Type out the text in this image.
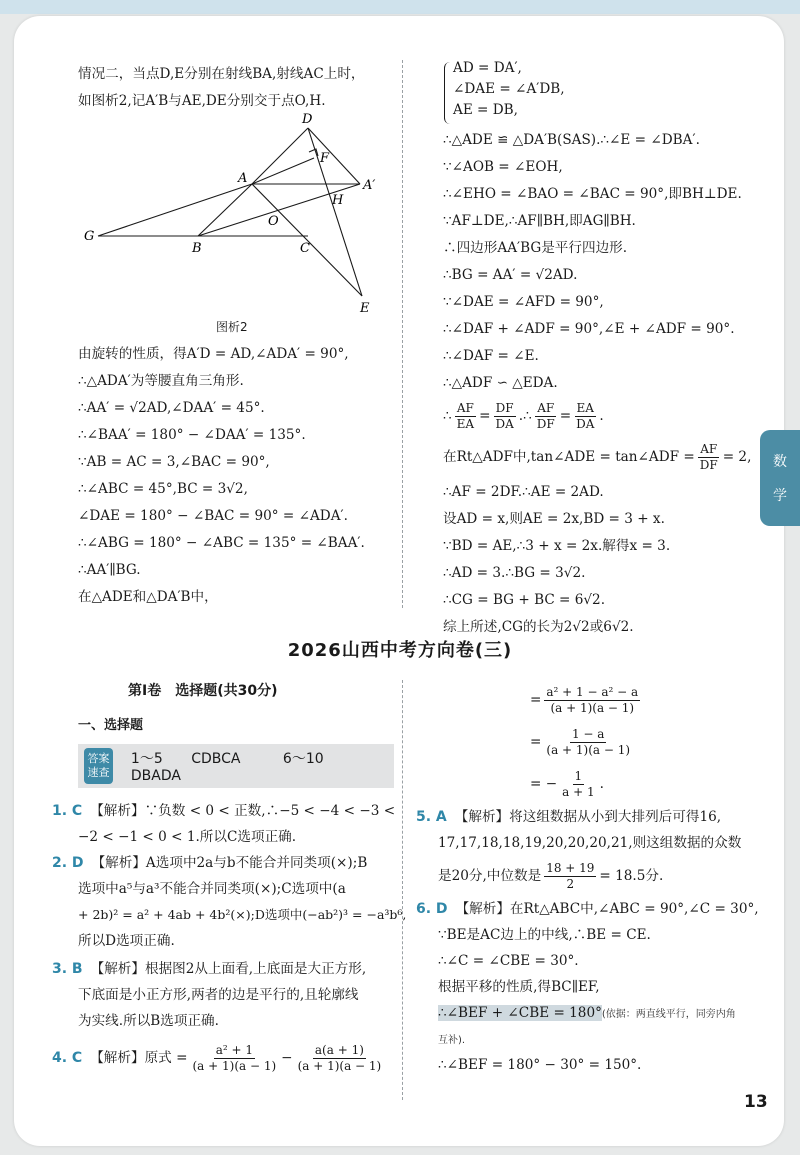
情况二，当点D,E分别在射线BA,射线AC上时，
如图析2,记A′B与AE,DE分别交于点O,H.
D
F
A	A′
H
O
G
B	C
E
图析2
由旋转的性质，得A′D = AD,∠ADA′ = 90°,
∴△ADA′为等腰直角三角形.
∴AA′ = √2AD,∠DAA′ = 45°.
∴∠BAA′ = 180° − ∠DAA′ = 135°.
∵AB = AC = 3,∠BAC = 90°,
∴∠ABC = 45°,BC = 3√2,
∠DAE = 180° − ∠BAC = 90° = ∠ADA′.
∴∠ABG = 180° − ∠ABC = 135° = ∠BAA′.
∴AA′∥BG.
在△ADE和△DA′B中，
AD = DA′,
∠DAE = ∠A′DB,
AE = DB,
∴△ADE ≌ △DA′B(SAS).∴∠E = ∠DBA′.
∵∠AOB = ∠EOH,
∴∠EHO = ∠BAO = ∠BAC = 90°,即BH⊥DE.
∵AF⊥DE,∴AF∥BH,即AG∥BH.
∴四边形AA′BG是平行四边形.
∴BG = AA′ = √2AD.
∵∠DAE = ∠AFD = 90°,
∴∠DAF + ∠ADF = 90°,∠E + ∠ADF = 90°.
∴∠DAF = ∠E.
∴△ADF ∽ △EDA.
∴ $\frac{AF}{EA} = \frac{DF}{DA}$ .∴ $\frac{AF}{DF} = \frac{EA}{DA}$ .
在Rt△ADF中,tan∠ADE = tan∠ADF = $\frac{AF}{DF} = 2$,
∴AF = 2DF.∴AE = 2AD.
设AD = x,则AE = 2x,BD = 3 + x.
∵BD = AE,∴3 + x = 2x.解得x = 3.
∴AD = 3.∴BG = 3√2.
∴CG = BG + BC = 6√2.
综上所述,CG的长为2√2或6√2.
数
学
2026山西中考方向卷(三)
第Ⅰ卷　选择题(共30分)
一、选择题
答案
速查
1～5 CDBCA	6～10 DBADA
1. C 【解析】∵负数 < 0 < 正数,∴−5 < −4 < −3 <
−2 < −1 < 0 < 1.所以C选项正确.
2. D 【解析】A选项中2a与b不能合并同类项(×);B
选项中a⁵与a³不能合并同类项(×);C选项中(a
+ 2b)² = a² + 4ab + 4b²(×);D选项中(−ab²)³ = −a³b⁶,
所以D选项正确.
3. B 【解析】根据图2从上面看,上底面是大正方形,
下底面是小正方形,两者的边是平行的,且轮廓线
为实线.所以B选项正确.
4. C 【解析】原式 = $\frac{\text{a² + 1}}{(a + 1)(a - 1)} - \frac{a(a + 1)}{(a + 1)(a - 1)}$
= $\frac{\text{a² + 1 − a² − a}}{(a + 1)(a - 1)}$
= $\frac{1 - a}{(a + 1)(a - 1)}$
= − $\frac{1}{a + 1}$ .
5. A 【解析】将这组数据从小到大排列后可得16,
17,17,18,18,19,20,20,20,21,则这组数据的众数
是20分,中位数是 $\frac{18 + 19}{2} = 18.5$分.
6. D 【解析】在Rt△ABC中,∠ABC = 90°,∠C = 30°,
∵BE是AC边上的中线,∴BE = CE.
∴∠C = ∠CBE = 30°.
根据平移的性质,得BC∥EF,
∴∠BEF + ∠CBE = 180°(依据：两直线平行，同旁内角
互补).
∴∠BEF = 180° − 30° = 150°.
13
